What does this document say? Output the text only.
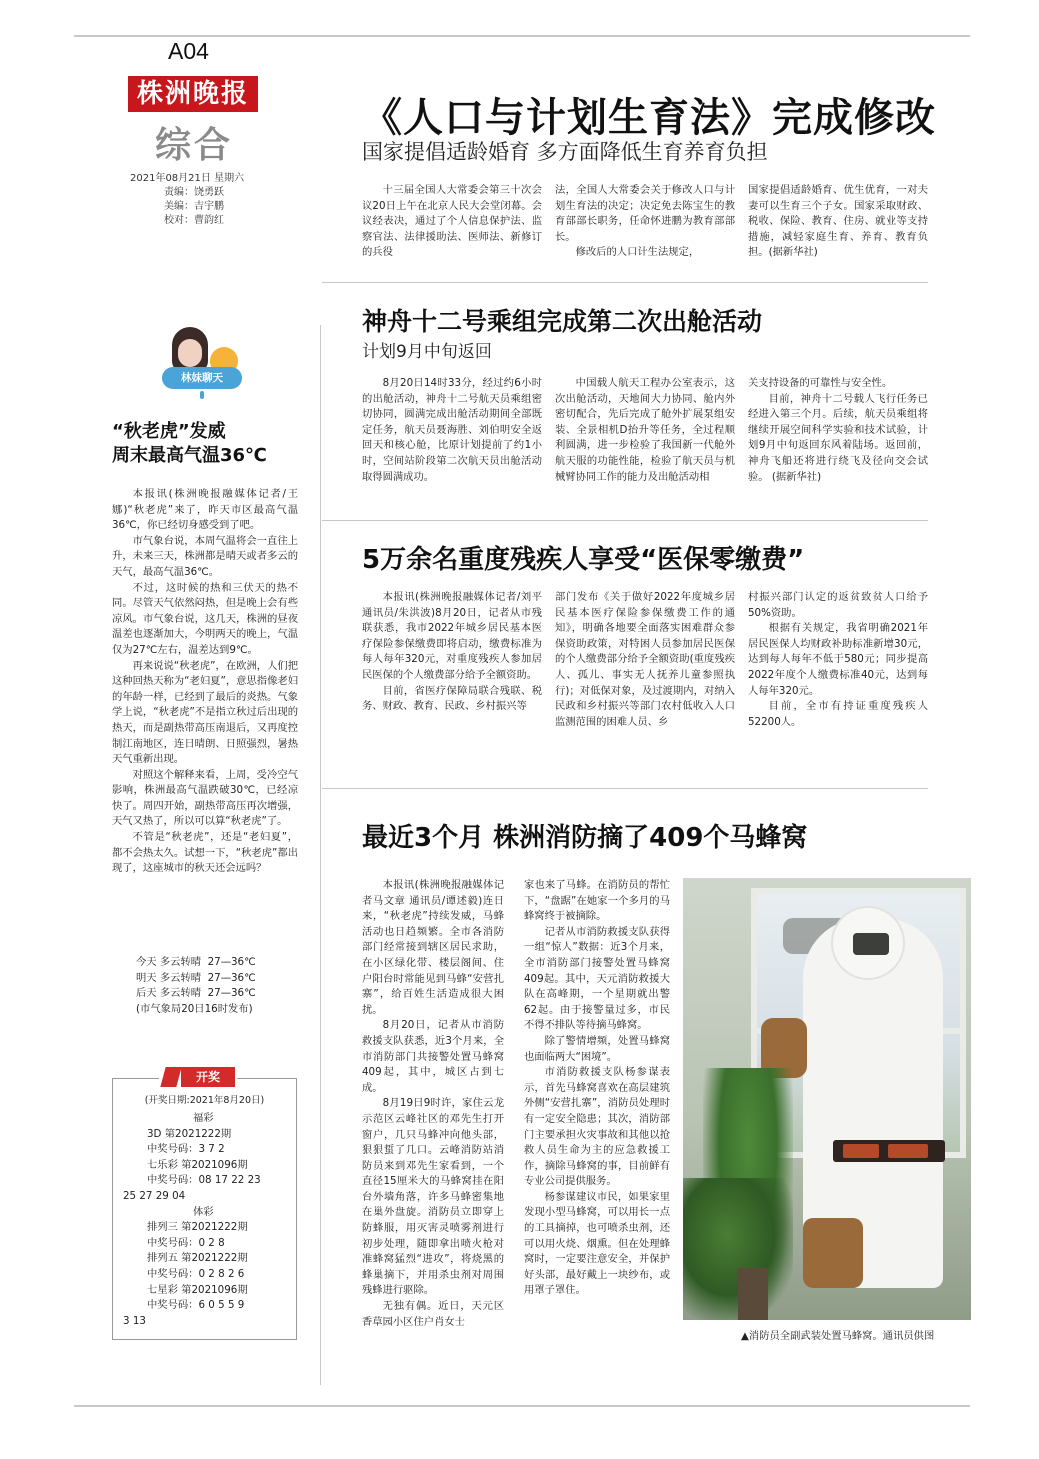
A04
株洲晚报
综合
2021年08月21日 星期六
责编：饶勇跃
美编：吉宇鹏
校对：曹韵红
《人口与计划生育法》完成修改
国家提倡适龄婚育 多方面降低生育养育负担

十三届全国人大常委会第三十次会议20日上午在北京人民大会堂闭幕。会议经表决，通过了个人信息保护法、监察官法、法律援助法、医师法、新修订的兵役

法，全国人大常委会关于修改人口与计划生育法的决定；决定免去陈宝生的教育部部长职务，任命怀进鹏为教育部部长。

修改后的人口计生法规定，

国家提倡适龄婚育、优生优育，一对夫妻可以生育三个子女。国家采取财政、税收、保险、教育、住房、就业等支持措施，减轻家庭生育、养育、教育负担。(据新华社)

神舟十二号乘组完成第二次出舱活动
计划9月中旬返回

8月20日14时33分，经过约6小时的出舱活动，神舟十二号航天员乘组密切协同，圆满完成出舱活动期间全部既定任务，航天员聂海胜、刘伯明安全返回天和核心舱，比原计划提前了约1小时，空间站阶段第二次航天员出舱活动取得圆满成功。

中国载人航天工程办公室表示，这次出舱活动，天地间大力协同、舱内外密切配合，先后完成了舱外扩展泵组安装、全景相机D抬升等任务，全过程顺利圆满，进一步检验了我国新一代舱外航天服的功能性能，检验了航天员与机械臂协同工作的能力及出舱活动相

关支持设备的可靠性与安全性。

目前，神舟十二号载人飞行任务已经进入第三个月。后续，航天员乘组将继续开展空间科学实验和技术试验，计划9月中旬返回东风着陆场。返回前，神舟飞船还将进行绕飞及径向交会试验。 (据新华社)

5万余名重度残疾人享受“医保零缴费”

本报讯(株洲晚报融媒体记者/刘平 通讯员/朱洪波)8月20日，记者从市残联获悉，我市2022年城乡居民基本医疗保险参保缴费即将启动，缴费标准为每人每年320元，对重度残疾人参加居民医保的个人缴费部分给予全额资助。

目前，省医疗保障局联合残联、税务、财政、教育、民政、乡村振兴等

部门发布《关于做好2022年度城乡居民基本医疗保险参保缴费工作的通知》，明确各地要全面落实困难群众参保资助政策，对特困人员参加居民医保的个人缴费部分给予全额资助(重度残疾人、孤儿、事实无人抚养儿童参照执行)；对低保对象，及过渡期内，对纳入民政和乡村振兴等部门农村低收入人口监测范围的困难人员、乡

村振兴部门认定的返贫致贫人口给予50%资助。

根据有关规定，我省明确2021年居民医保人均财政补助标准新增30元，达到每人每年不低于580元；同步提高2022年度个人缴费标准40元，达到每人每年320元。

目前，全市有持证重度残疾人52200人。

最近3个月 株洲消防摘了409个马蜂窝

本报讯(株洲晚报融媒体记者马文章 通讯员/谭述毅)连日来，“秋老虎”持续发威，马蜂活动也日趋频繁。全市各消防部门经常接到辖区居民求助，在小区绿化带、楼层阁间、住户阳台时常能见到马蜂“安营扎寨”，给百姓生活造成很大困扰。

8月20日，记者从市消防救援支队获悉，近3个月来，全市消防部门共接警处置马蜂窝409起，其中，城区占到七成。

8月19日9时许，家住云龙示范区云峰社区的邓先生打开窗户，几只马蜂冲向他头部，狠狠蜇了几口。云峰消防站消防员来到邓先生家看到，一个直径15厘米大的马蜂窝挂在阳台外墙角落，许多马蜂密集地在巢外盘旋。消防员立即穿上防蜂服，用灭害灵喷雾剂进行初步处理，随即拿出喷火枪对准蜂窝猛烈“进攻”，将烧黑的蜂巢摘下，并用杀虫剂对周围残蜂进行驱除。

无独有偶。近日，天元区香草园小区住户肖女士

家也来了马蜂。在消防员的帮忙下，“盘踞”在她家一个多月的马蜂窝终于被摘除。

记者从市消防救援支队获得一组“惊人”数据：近3个月来，全市消防部门接警处置马蜂窝409起。其中，天元消防救援大队在高峰期，一个星期就出警62起。由于接警量过多，市民不得不排队等待摘马蜂窝。

除了警情增频，处置马蜂窝也面临两大“困境”。

市消防救援支队杨参谋表示，首先马蜂窝喜欢在高层建筑外侧“安营扎寨”，消防员处理时有一定安全隐患；其次，消防部门主要承担火灾事故和其他以抢救人员生命为主的应急救援工作，摘除马蜂窝的事，目前鲜有专业公司提供服务。

杨参谋建议市民，如果家里发现小型马蜂窝，可以用长一点的工具摘掉，也可喷杀虫剂，还可以用火烧、烟熏。但在处理蜂窝时，一定要注意安全，并保护好头部，最好戴上一块纱布，或用罩子罩住。

▲消防员全副武装处置马蜂窝。通讯员供图
林妹聊天
“秋老虎”发威
周末最高气温36℃

本报讯(株洲晚报融媒体记者/王娜)“秋老虎”来了，昨天市区最高气温36℃，你已经切身感受到了吧。

市气象台说，本周气温将会一直往上升，未来三天，株洲都是晴天或者多云的天气，最高气温36℃。

不过，这时候的热和三伏天的热不同。尽管天气依然闷热，但是晚上会有些凉风。市气象台说，这几天，株洲的昼夜温差也逐渐加大，今明两天的晚上，气温仅为27℃左右，温差达到9℃。

再来说说“秋老虎”，在欧洲，人们把这种回热天称为“老妇夏”，意思指像老妇的年龄一样，已经到了最后的炎热。气象学上说，“秋老虎”不是指立秋过后出现的热天，而是副热带高压南退后，又再度控制江南地区，连日晴朗、日照强烈，暑热天气重新出现。

对照这个解释来看，上周，受冷空气影响，株洲最高气温跌破30℃，已经凉快了。周四开始，副热带高压再次增强，天气又热了，所以可以算“秋老虎”了。

不管是“秋老虎”，还是“老妇夏”，都不会热太久。试想一下，“秋老虎”都出现了，这座城市的秋天还会远吗？

今天 多云转晴 27—36℃
明天 多云转晴 27—36℃
后天 多云转晴 27—36℃
(市气象局20日16时发布)
开奖
(开奖日期:2021年8月20日)
福彩
3D 第2021222期
中奖号码：3 7 2
七乐彩 第2021096期
中奖号码：08 17 22 23
25 27 29 04
体彩
排列三 第2021222期
中奖号码：0 2 8
排列五 第2021222期
中奖号码：0 2 8 2 6
七星彩 第2021096期
中奖号码：6 0 5 5 9
3 13
